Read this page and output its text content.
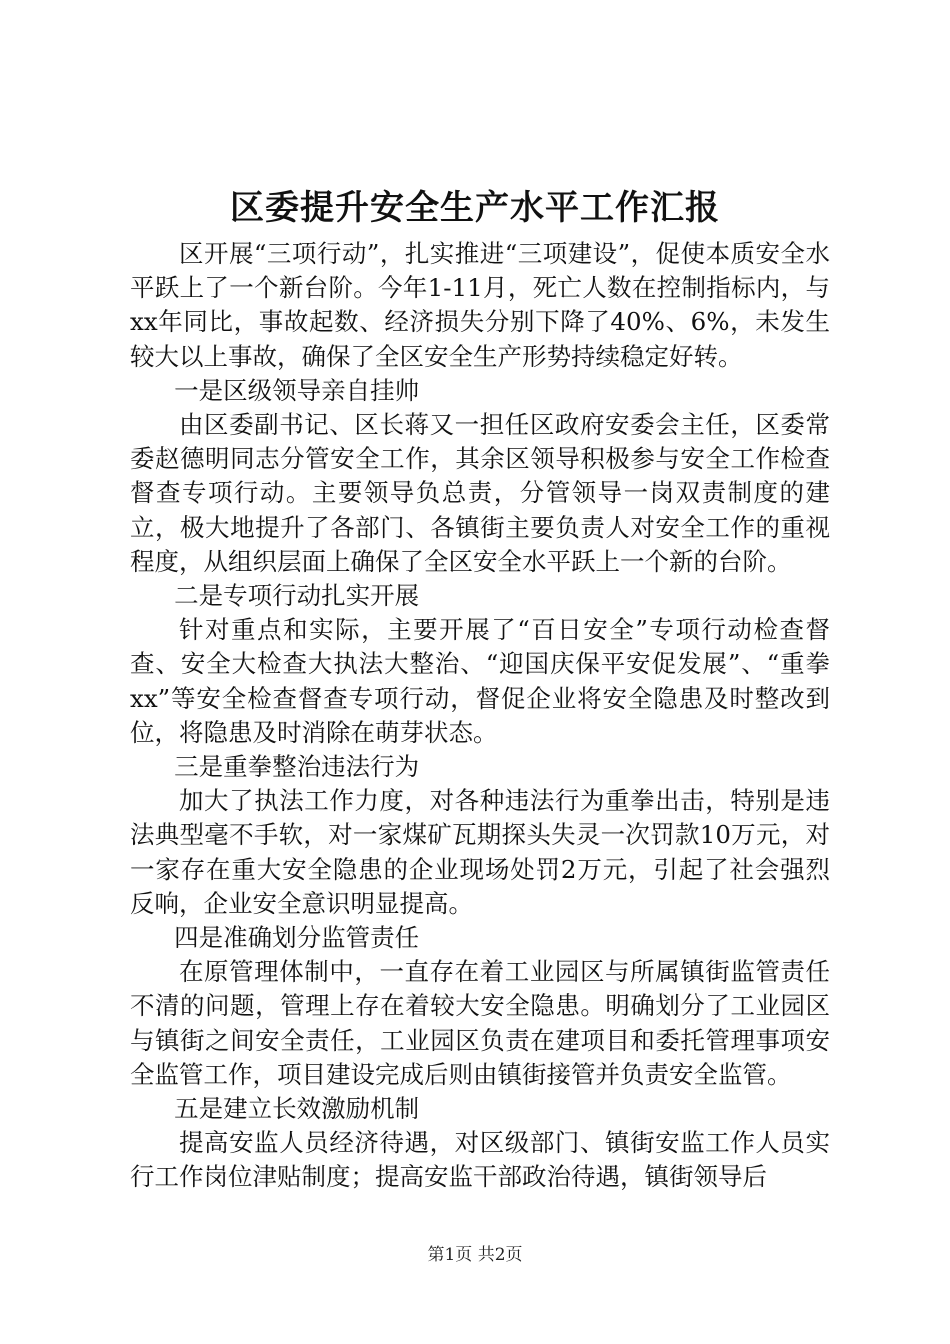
区委提升安全生产水平工作汇报

区开展“三项行动”，扎实推进“三项建设”，促使本质安全水平跃上了一个新台阶。今年1-11月，死亡人数在控制指标内，与xx年同比，事故起数、经济损失分别下降了40%、6%，未发生较大以上事故，确保了全区安全生产形势持续稳定好转。

一是区级领导亲自挂帅

由区委副书记、区长蒋又一担任区政府安委会主任，区委常委赵德明同志分管安全工作，其余区领导积极参与安全工作检查督查专项行动。主要领导负总责，分管领导一岗双责制度的建立，极大地提升了各部门、各镇街主要负责人对安全工作的重视程度，从组织层面上确保了全区安全水平跃上一个新的台阶。

二是专项行动扎实开展

针对重点和实际，主要开展了“百日安全”专项行动检查督查、安全大检查大执法大整治、“迎国庆保平安促发展”、“重拳xx”等安全检查督查专项行动，督促企业将安全隐患及时整改到位，将隐患及时消除在萌芽状态。

三是重拳整治违法行为

加大了执法工作力度，对各种违法行为重拳出击，特别是违法典型毫不手软，对一家煤矿瓦期探头失灵一次罚款10万元，对一家存在重大安全隐患的企业现场处罚2万元，引起了社会强烈反响，企业安全意识明显提高。

四是准确划分监管责任

在原管理体制中，一直存在着工业园区与所属镇街监管责任不清的问题，管理上存在着较大安全隐患。明确划分了工业园区与镇街之间安全责任，工业园区负责在建项目和委托管理事项安全监管工作，项目建设完成后则由镇街接管并负责安全监管。

五是建立长效激励机制

提高安监人员经济待遇，对区级部门、镇街安监工作人员实行工作岗位津贴制度；提高安监干部政治待遇，镇街领导后

第1页 共2页
